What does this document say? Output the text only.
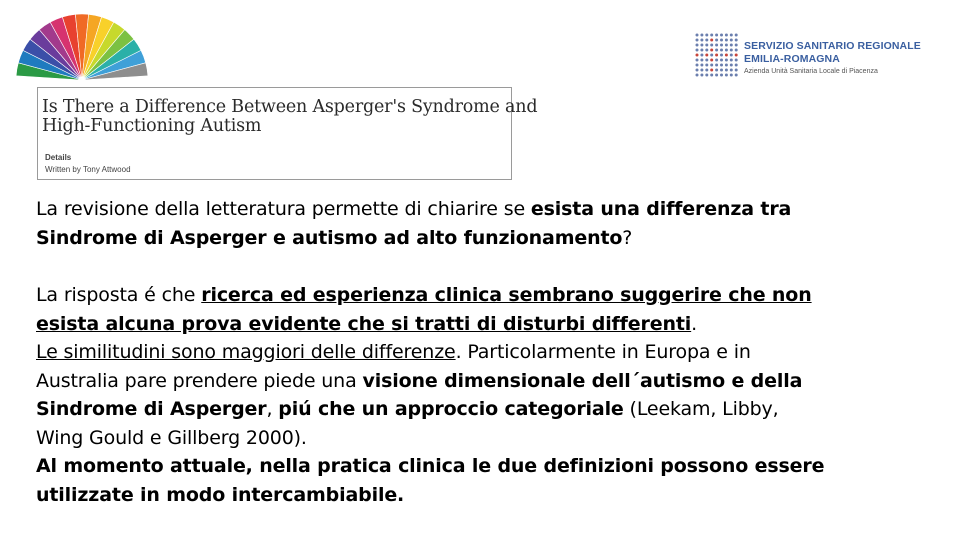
SERVIZIO SANITARIO REGIONALE
EMILIA-ROMAGNA
Azienda Unità Sanitaria Locale di Piacenza
Is There a Difference Between Asperger's Syndrome and
High-Functioning Autism
Details
Written by Tony Attwood
La revisione della letteratura permette di chiarire se esista una differenza tra
Sindrome di Asperger e autismo ad alto funzionamento?
La risposta é che ricerca ed esperienza clinica sembrano suggerire che non
esista alcuna prova evidente che si tratti di disturbi differenti.
Le similitudini sono maggiori delle differenze. Particolarmente in Europa e in
Australia pare prendere piede una visione dimensionale dell´autismo e della
Sindrome di Asperger, piú che un approccio categoriale (Leekam, Libby,
Wing Gould e Gillberg 2000).
Al momento attuale, nella pratica clinica le due definizioni possono essere
utilizzate in modo intercambiabile.
